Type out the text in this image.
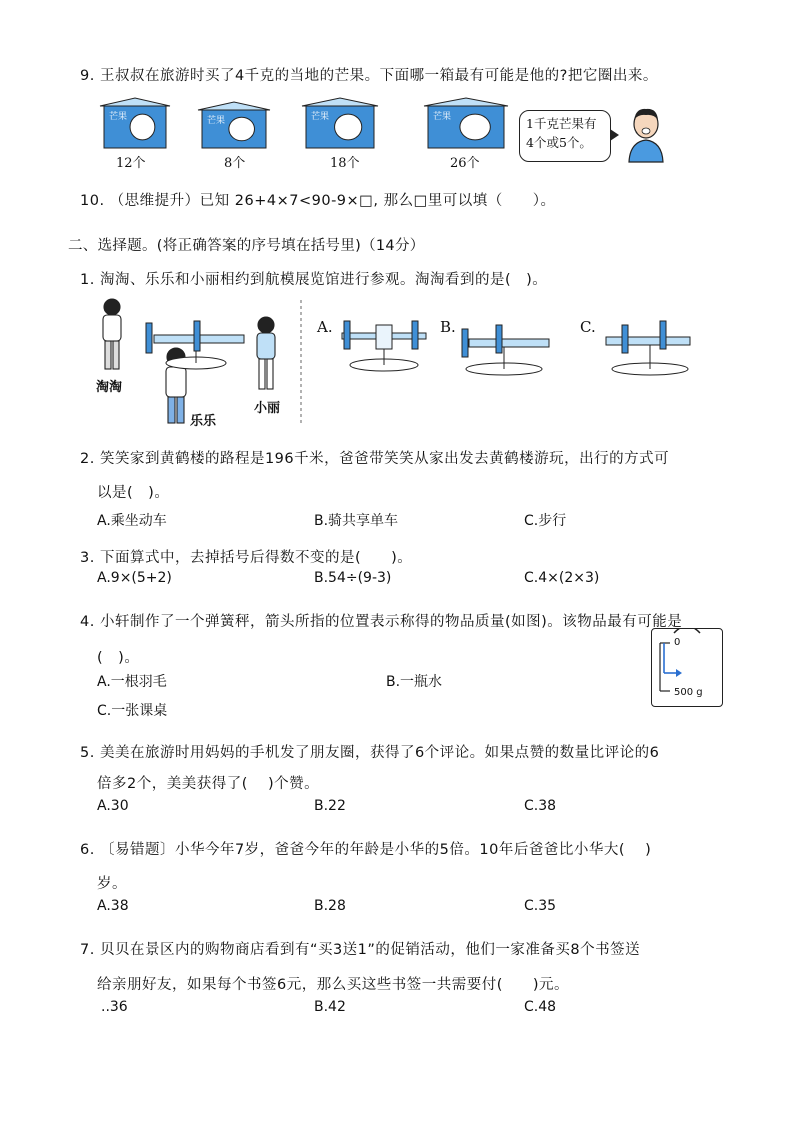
9. 王叔叔在旅游时买了4千克的当地的芒果。下面哪一箱最有可能是他的?把它圈出来。
芒果	芒果	芒果	芒果
12个	8个	18个	26个
1千克芒果有
4个或5个。
10. （思维提升）已知 26+4×7<90-9×□, 那么□里可以填（　　）。
二、选择题。(将正确答案的序号填在括号里)（14分）
1. 淘淘、乐乐和小丽相约到航模展览馆进行参观。淘淘看到的是(　)。
淘淘
乐乐
小丽
A.	B.	C.
2. 笑笑家到黄鹤楼的路程是196千米，爸爸带笑笑从家出发去黄鹤楼游玩，出行的方式可
以是(　)。
A.乘坐动车	B.骑共享单车	C.步行
3. 下面算式中，去掉括号后得数不变的是(　　)。
A.9×(5+2)	B.54÷(9-3)	C.4×(2×3)
4. 小轩制作了一个弹簧秤，箭头所指的位置表示称得的物品质量(如图)。该物品最有可能是
(　)。
A.一根羽毛	B.一瓶水
C.一张课桌
0
500 g
5. 美美在旅游时用妈妈的手机发了朋友圈，获得了6个评论。如果点赞的数量比评论的6
倍多2个，美美获得了(　 )个赞。
A.30	B.22	C.38
6. 〔易错题〕小华今年7岁，爸爸今年的年龄是小华的5倍。10年后爸爸比小华大(　 )
岁。
A.38	B.28	C.35
7. 贝贝在景区内的购物商店看到有“买3送1”的促销活动，他们一家准备买8个书签送
给亲朋好友，如果每个书签6元，那么买这些书签一共需要付(　　)元。
..36	B.42	C.48
